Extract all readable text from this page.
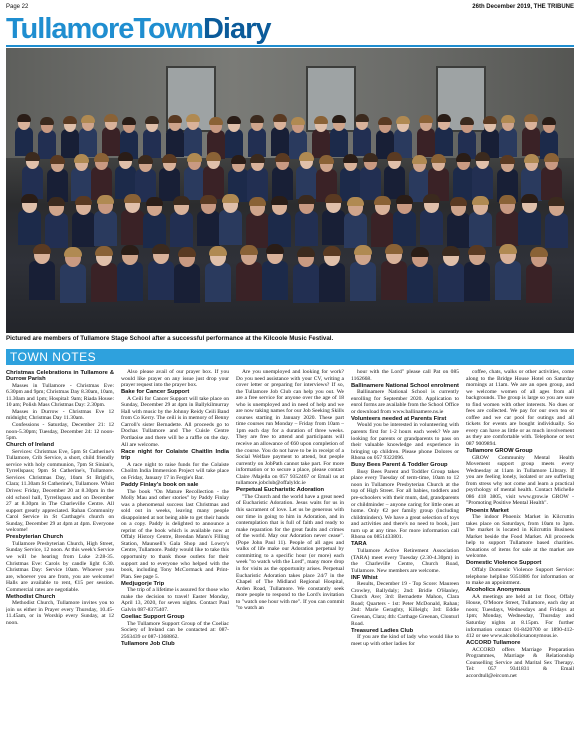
Page 22	26th December 2019, THE TRIBUNE
TullamoreTownDiary
Pictured are members of Tullamore Stage School after a successful performance at the Kilcoole Music Festival.
TOWN NOTES

Christmas Celebrations in Tullamore & Durrow Parish

Masses in Tullamore - Christmas Eve: 6.30pm and 9pm; Christmas Day 8.30am, 10am, 11.30am and 1pm; Hospital: 9am; Riada House: 10 am; Polish Mass Christmas Day: 2.30pm.

Masses in Durrow - Christmas Eve 12 midnight; Christmas Day 11.30am.

Confessions - Saturday, December 21: 12 noon-5.30pm; Tuesday, December 24: 12 noon-5pm.

Church of Ireland

Services: Christmas Eve, 5pm St Catherine's Tullamore, Crib Service, a short, child friendly service with holy communion, 7pm St Sinian's, Tyrrellspass; 9pm St Catherine's, Tullamore. Services Christmas Day, 10am St Brigid's, Clara; 11.30am St Catherine's, Tullamore. Whist Drives: Friday, December 20 at 8.30pm in the old school hall, Tyrrellspass and on December 27 at 8.30pm in The Charleville Centre. All support greatly appreciated. Rahan Community Carol Service in St Carthage's church on Sunday, December 29 at 4pm at 4pm. Everyone welcome!

Presbyterian Church

Tullamore Presbyterian Church, High Street, Sunday Service, 12 noon. At this week's Service we will be hearing from Luke 2:28-35. Christmas Eve: Carols by candle light 6.30. Christmas Day: Service 10am. Whoever you are, whoever you are from, you are welcome! Halls are available to rent, €15 per session. Commercial rates are negotiable.

Methodist Church

Methodist Church, Tullamore invites you to join us either in Prayer every Thursday, 10.45-11.45am, or in Worship every Sunday, at 12 noon.

Also please avail of our prayer box. If you would like prayer on any issue just drop your prayer request into the prayer box.

Bake for Cancer Support

A Ceili for Cancer Support will take place on Sunday, December 29 at 4pm in Ballykilmurray Hall with music by the Johnny Reidy Ceili Band from Co Kerry. The ceili is in memory of Benny Carroll's sister Bernadette. All proceeds go to Dochas Tullamore and The Cuisle Centre Portlaoise and there will be a raffle on the day. All are welcome.

Race night for Colaiste Chaitlin India trip

A race night to raise funds for the Colaiste Choilm India Immersion Project will take place on Friday, January 17 in Fergie's Bar.

Paddy Finlay's book on sale

The book "On Mature Recollection - the Molly Mau and other stories" by Paddy Finlay was a phenomenal success last Christmas and sold out in weeks, leaving many people disappointed at not being able to get their hands on a copy. Paddy is delighted to announce a reprint of the book which is available now at Offaly History Centre, Brendan Mann's Filling Station, Maunsell's Gala Shop and Lowry's Centre, Tullamore. Paddy would like to take this opportunity to thank those outlets for their support and to everyone who helped with the book, including Tony McCormack and Print-Plan. See page 5.

Medjugorje Trip

The trip of a lifetime is assured for those who make the decision to travel! Easter Monday, April 13, 2020, for seven nights. Contact Paul Galvin 087-8375407.

Coeliac Support Group

The Tullamore Support Group of the Coeliac Society of Ireland can be contacted at: 087-2563439 or 087-1368862.

Tullamore Job Club

Are you unemployed and looking for work? Do you need assistance with your CV, writing a cover letter or preparing for interviews? If so, the Tullamore Job Club can help you out. We are a free service for anyone over the age of 18 who is unemployed and in need of help and we are now taking names for our Job Seeking Skills courses starting in January 2020. These part time courses run Monday – Friday from 10am – 1pm each day for a duration of three weeks. They are free to attend and participants will receive an allowance of €60 upon completion of the course. You do not have to be in receipt of a Social Welfare payment to attend, but people currently on JobPath cannot take part. For more information or to secure a place, please contact Claire /Majella on 057 9352467 or Email us at tullamore.jobclub@offalyldc.ie

Perpetual Eucharistic Adoration

"The Church and the world have a great need of Eucharistic Adoration. Jesus waits for us in this sacrament of love. Let us be generous with our time in going to him in Adoration, and in contemplation that is full of faith and ready to make reparation for the great faults and crimes of the world. May our Adoration never cease". (Pope John Paul 11). People of all ages and walks of life make our Adoration perpetual by committing to a specific hour (or more) each week "to watch with the Lord", many more drop in for visits as the opportunity arises. Perpetual Eucharistic Adoration takes place 24/7 in the Chapel of The Midland Regional Hospital, Arden Road, Tullamore. We constantly seek more people to respond to the Lord's invitation to "watch one hour with me". If you can commit "to watch an

hour with the Lord" please call Pat on 085 1162668.

Ballinamere National School enrolment

Ballinamere National School is currently enrolling for September 2020. Application to enrol forms are available from the School Office or download from www.ballinamere.ns.ie

Volunteers needed at Parents First

Would you be interested in volunteering with parents first for 1-2 hours each week? We are looking for parents or grandparents to pass on their valuable knowledge and experience in bringing up children. Please phone Dolores or Rhona on 057 9322096.

Busy Bees Parent & Toddler Group

Busy Bees Parent and Toddler Group takes place every Tuesday of term-time, 10am to 12 noon in Tullamore Presbyterian Church at the top of High Street. For all babies, toddlers and pre-schoolers with their mum, dad, grandparents or childminder – anyone caring for little ones at home. Only €2 per family group (including childminders). We have a great selection of toys and activities and there's no need to book, just turn up at any time. For more information call Rhona on 0851433801.

TARA

Tullamore Active Retirement Association (TARA) meet every Tuesday (2.30-4.30pm) in the Charleville Centre, Church Road, Tullamore. New members are welcome.

INF Whist

Results, December 19 - Top Score: Maureen Crowley, Ballydaly; 2nd: Bridie O'Hanley, Church Ave; 3rd: Bernadette Mahon, Clara Road; Quarters - 1st: Peter McDonald, Rahan; 2nd: Marie Geraghty, Killeigh; 3rd: Eddie Greenan, Clara; 4th: Carthage Greenan, Clonturl Road.

Treasured Ladies Club

If you are the kind of lady who would like to meet up with other ladies for

coffee, chats, walks or other activities, come along to the Bridge House Hotel on Saturday mornings at 11am. We are an open group, and we welcome women of all ages from all backgrounds. The group is large so you are sure to find women with other interests. No dues or fees are collected. We pay for our own tea or coffee and we car pool for outings and all tickets for events are bought individually. So every can have as little or as much involvement as they are comfortable with. Telephone or text 087 9009894.

Tullamore GROW Group

GROW Community Mental Health Movement support group meets every Wednesday at 11am in Tullamore Library. If you are feeling lonely, isolated or are suffering from stress why not come and learn a practical psychology of mental health. Contact Michelle 086 418 3805, visit www.grow.ie GROW - "Promoting Positive Mental Health".

Phoenix Market

The indoor Phoenix Market in Kilcruttin takes place on Saturdays, from 10am to 3pm. The market is located in Kilcruttin Business Market beside the Food Market. All proceeds help to support Tullamore based charities. Donations of items for sale at the market are welcome.

Domestic Violence Support

Offaly Domestic Violence Support Service: telephone helpline 9351886 for information or to make an appointment.

Alcoholics Anonymous

AA meetings are held at 1st floor, Offaly House, O'Moore Street, Tullamore, each day at noon; Tuesdays, Wednesdays and Fridays at 1pm; Monday, Wednesday, Thursday and Saturday nights at 8.15pm. For further information contact 01-8420700 or 1890-412-412 or see www.alcoholicsanonymous.ie.

ACCORD Tullamore

ACCORD offers Marriage Preparation Programmes, Marriage & Relationship Counselling Service and Marital Sex Therapy. Tel: 057 9341831 & Email accordtull@eircom.net
